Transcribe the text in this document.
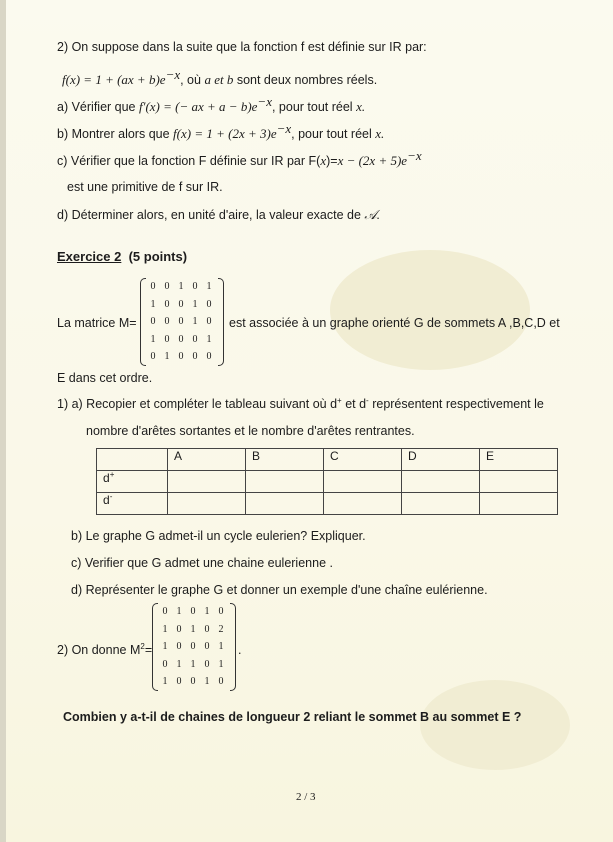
2) On suppose dans la suite que la fonction f est définie sur IR par:
$f(x) = 1 + (ax + b)e^{-x}$, où a et b sont deux nombres réels.
a) Vérifier que f′(x) = (− ax + $a - b)e^{-x}$, pour tout réel x.
b) Montrer alors que $f(x) = 1 + (2x + 3)e^{-x}$, pour tout réel x.
c) Vérifier que la fonction F définie sur IR par $F(x)=x - (2x + 5)e^{-x}$
est une primitive de f sur IR.
d) Déterminer alors, en unité d'aire, la valeur exacte de 𝒜.
Exercice 2 (5 points)
La matrice M=
0	0	1	0	1
1	0	0	1	0
0	0	0	1	0
1	0	0	0	1
0	1	0	0	0
est associée à un graphe orienté G de sommets A ,B,C,D et
E dans cet ordre.
1) a) Recopier et compléter le tableau suivant où d+ et d- représentent respectivement le
nombre d'arêtes sortantes et le nombre d'arêtes rentrantes.
	A	B	C	D	E
d+					
d-					
b) Le graphe G admet-il un cycle eulerien? Expliquer.
c) Verifier que G admet une chaine eulerienne .
d) Représenter le graphe G et donner un exemple d'une chaîne eulérienne.
2) On donne $M^2=$
0	1	0	1	0
1	0	1	0	2
1	0	0	0	1
0	1	1	0	1
1	0	0	1	0
.
Combien y a-t-il de chaines de longueur 2 reliant le sommet B au sommet E ?
2 / 3
